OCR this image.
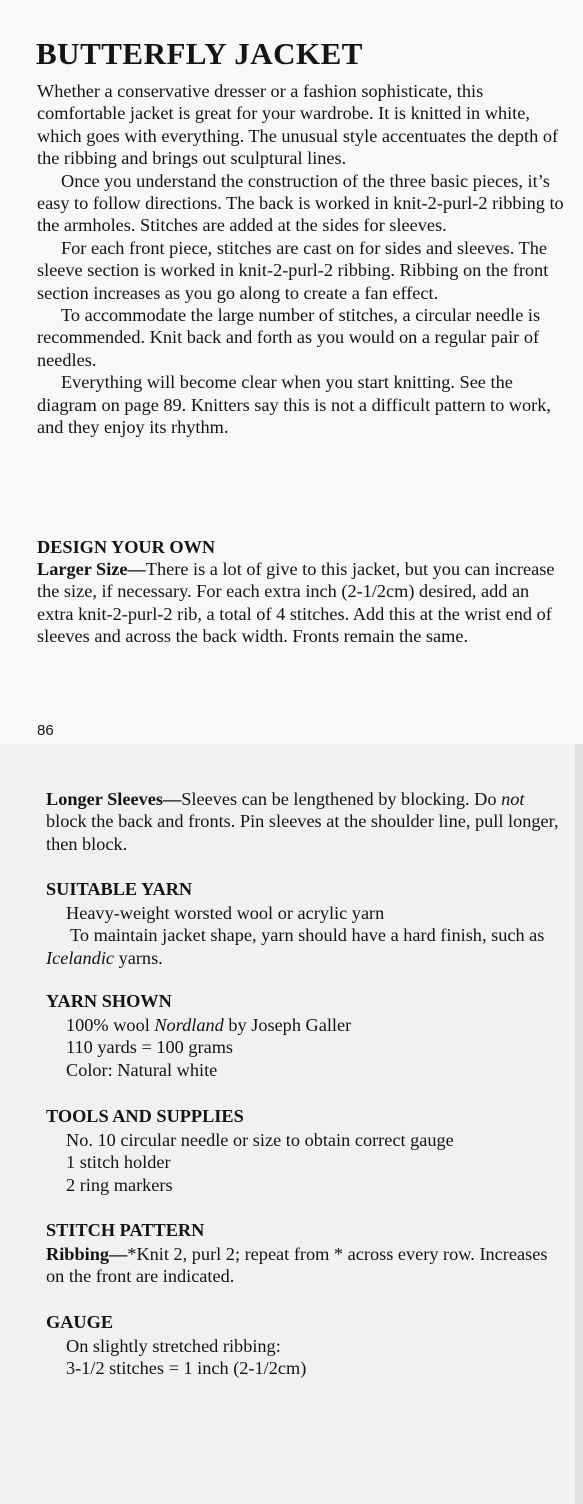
BUTTERFLY JACKET

Whether a conservative dresser or a fashion sophisticate, this comfortable jacket is great for your wardrobe. It is knitted in white, which goes with everything. The unusual style accentuates the depth of the ribbing and brings out sculptural lines.

Once you understand the construction of the three basic pieces, it’s easy to follow directions. The back is worked in knit-2-purl-2 ribbing to the armholes. Stitches are added at the sides for sleeves.

For each front piece, stitches are cast on for sides and sleeves. The sleeve section is worked in knit-2-purl-2 ribbing. Ribbing on the front section increases as you go along to create a fan effect.

To accommodate the large number of stitches, a circular needle is recommended. Knit back and forth as you would on a regular pair of needles.

Everything will become clear when you start knitting. See the diagram on page 89. Knitters say this is not a difficult pattern to work, and they enjoy its rhythm.

DESIGN YOUR OWN

Larger Size—There is a lot of give to this jacket, but you can increase the size, if necessary. For each extra inch (2-1/2cm) desired, add an extra knit-2-purl-2 rib, a total of 4 stitches. Add this at the wrist end of sleeves and across the back width. Fronts remain the same.

86

Longer Sleeves—Sleeves can be lengthened by blocking. Do not block the back and fronts. Pin sleeves at the shoulder line, pull longer, then block.

SUITABLE YARN

Heavy-weight worsted wool or acrylic yarn

To maintain jacket shape, yarn should have a hard finish, such as Icelandic yarns.

YARN SHOWN

100% wool Nordland by Joseph Galler

110 yards = 100 grams

Color: Natural white

TOOLS AND SUPPLIES

No. 10 circular needle or size to obtain correct gauge

1 stitch holder

2 ring markers

STITCH PATTERN

Ribbing—*Knit 2, purl 2; repeat from * across every row. Increases on the front are indicated.

GAUGE

On slightly stretched ribbing:

3-1/2 stitches = 1 inch (2-1/2cm)
